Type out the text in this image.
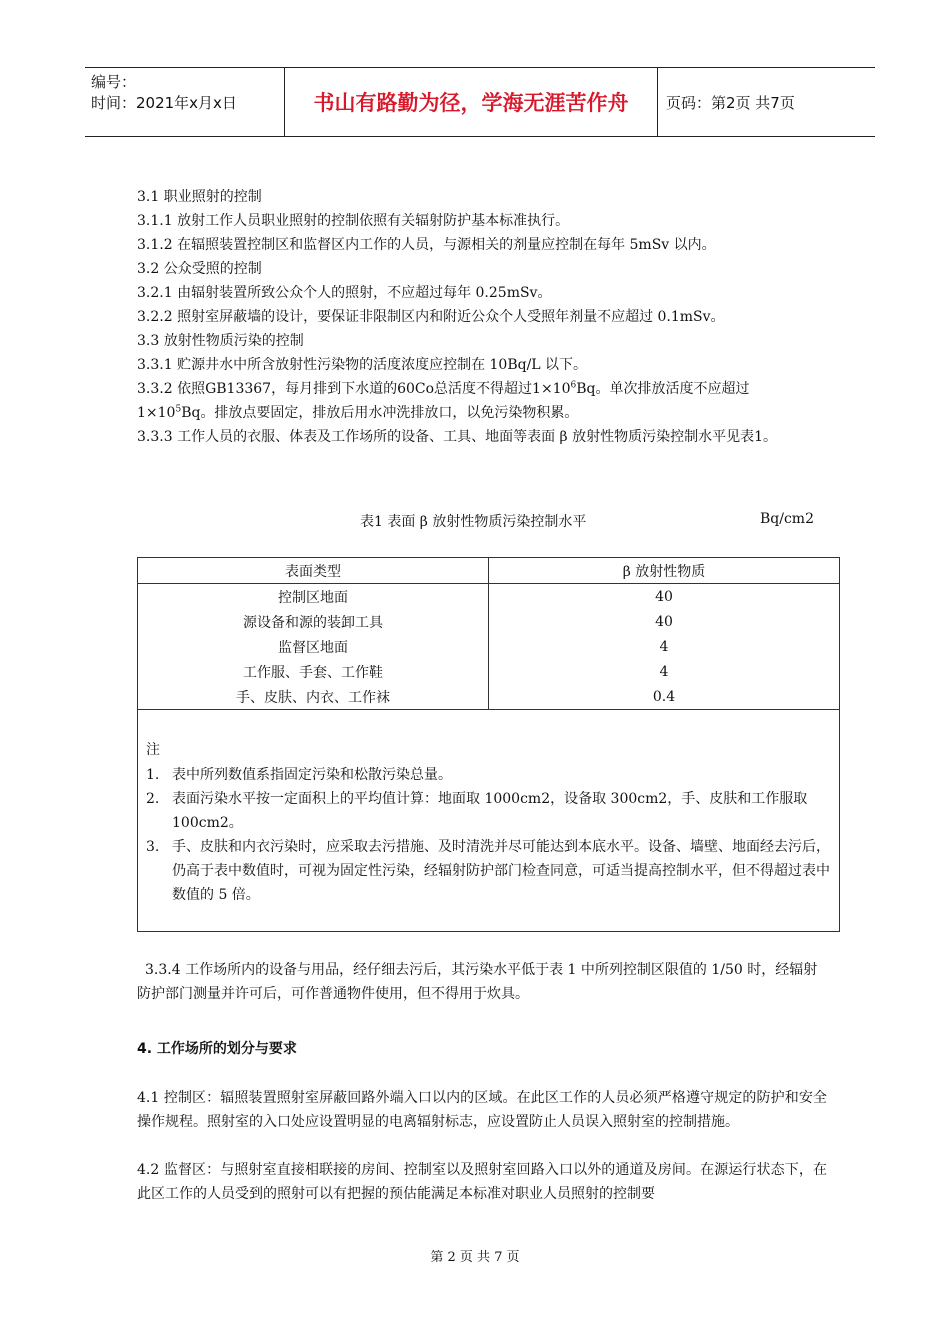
编号：
时间：2021年x月x日	书山有路勤为径，学海无涯苦作舟	页码：第2页 共7页
3.1 职业照射的控制
3.1.1 放射工作人员职业照射的控制依照有关辐射防护基本标准执行。
3.1.2 在辐照装置控制区和监督区内工作的人员，与源相关的剂量应控制在每年 5mSv 以内。
3.2 公众受照的控制
3.2.1 由辐射装置所致公众个人的照射，不应超过每年 0.25mSv。
3.2.2 照射室屏蔽墙的设计，要保证非限制区内和附近公众个人受照年剂量不应超过 0.1mSv。
3.3 放射性物质污染的控制
3.3.1 贮源井水中所含放射性污染物的活度浓度应控制在 10Bq/L 以下。
3.3.2 依照GB13367，每月排到下水道的60Co总活度不得超过$1\times 10^6Bq$。单次排放活度不应超过
$1\times 10^5Bq$。排放点要固定，排放后用水冲洗排放口，以免污染物积累。
3.3.3 工作人员的衣服、体表及工作场所的设备、工具、地面等表面 β 放射性物质污染控制水平见表1。
表1 表面 β 放射性物质污染控制水平	Bq/cm2
表面类型	β 放射性物质
控制区地面	40
源设备和源的装卸工具	40
监督区地面	4
工作服、手套、工作鞋	4
手、皮肤、内衣、工作袜	0.4
注
1. 表中所列数值系指固定污染和松散污染总量。
2. 表面污染水平按一定面积上的平均值计算：地面取 1000cm2，设备取 300cm2，手、皮肤和工作服取 100cm2。
3. 手、皮肤和内衣污染时，应采取去污措施、及时清洗并尽可能达到本底水平。设备、墙壁、地面经去污后，仍高于表中数值时，可视为固定性污染，经辐射防护部门检查同意，可适当提高控制水平，但不得超过表中数值的 5 倍。
3.3.4 工作场所内的设备与用品，经仔细去污后，其污染水平低于表 1 中所列控制区限值的 1/50 时，经辐射防护部门测量并许可后，可作普通物件使用，但不得用于炊具。
4. 工作场所的划分与要求
4.1 控制区：辐照装置照射室屏蔽回路外端入口以内的区域。在此区工作的人员必须严格遵守规定的防护和安全操作规程。照射室的入口处应设置明显的电离辐射标志，应设置防止人员误入照射室的控制措施。
4.2 监督区：与照射室直接相联接的房间、控制室以及照射室回路入口以外的通道及房间。在源运行状态下，在此区工作的人员受到的照射可以有把握的预估能满足本标准对职业人员照射的控制要
第 2 页 共 7 页
